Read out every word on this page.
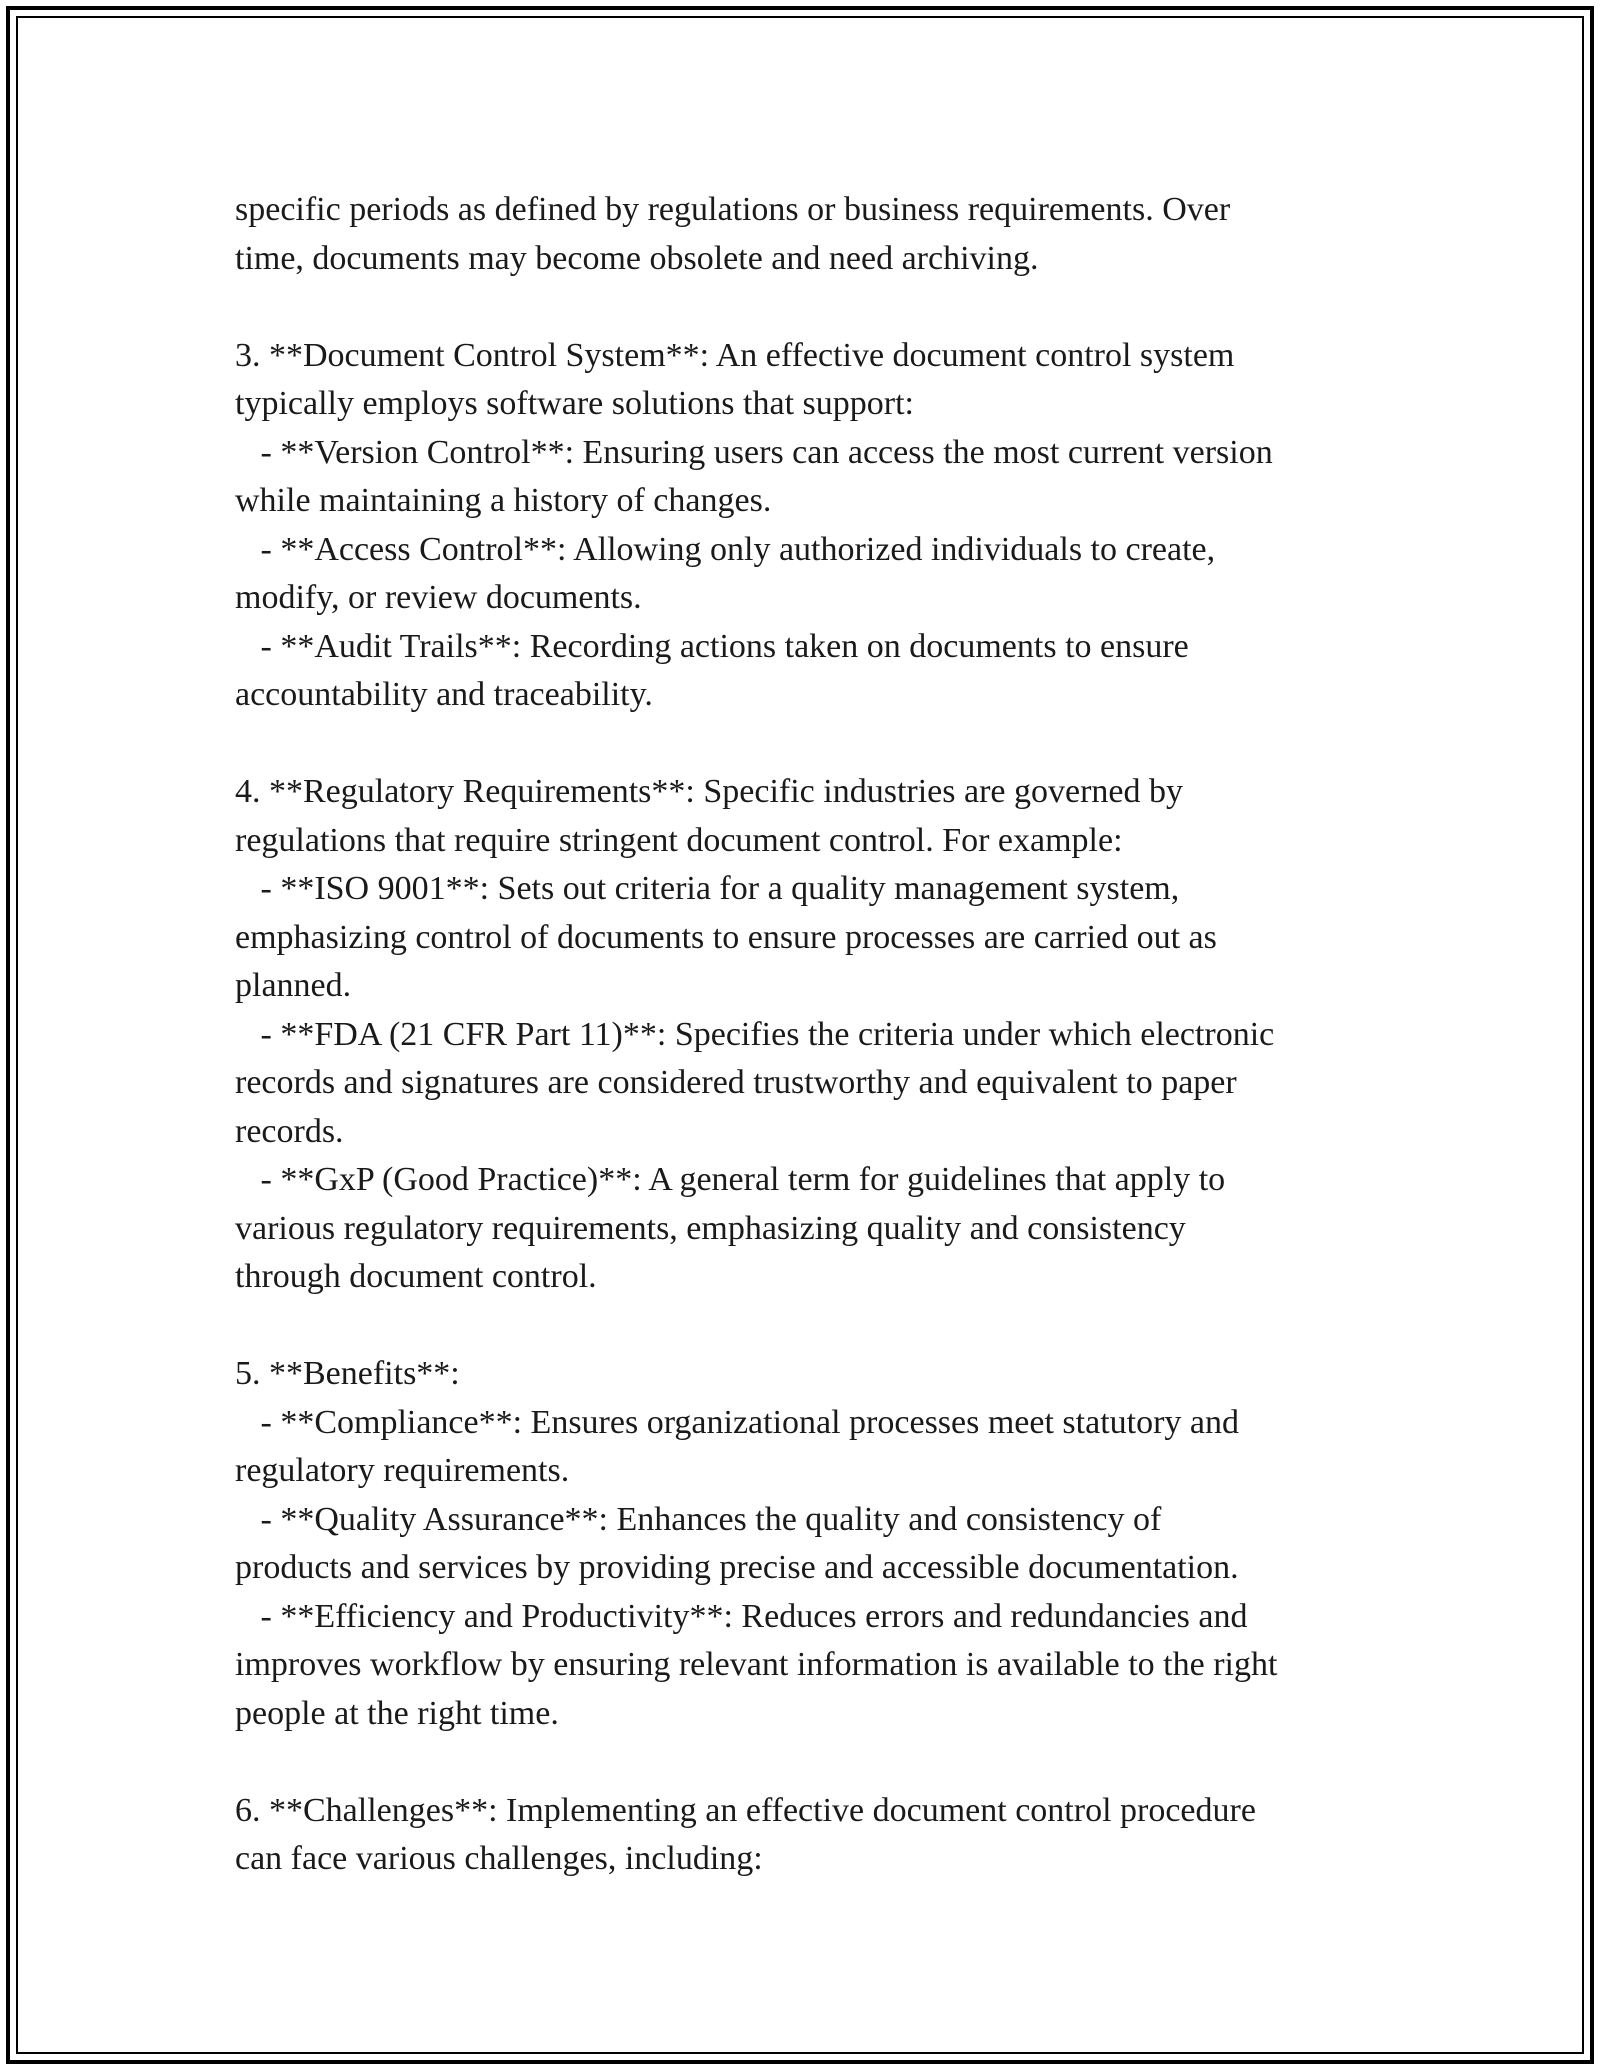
specific periods as defined by regulations or business requirements. Over
time, documents may become obsolete and need archiving.
3. **Document Control System**: An effective document control system
typically employs software solutions that support:
- **Version Control**: Ensuring users can access the most current version
while maintaining a history of changes.
- **Access Control**: Allowing only authorized individuals to create,
modify, or review documents.
- **Audit Trails**: Recording actions taken on documents to ensure
accountability and traceability.
4. **Regulatory Requirements**: Specific industries are governed by
regulations that require stringent document control. For example:
- **ISO 9001**: Sets out criteria for a quality management system,
emphasizing control of documents to ensure processes are carried out as
planned.
- **FDA (21 CFR Part 11)**: Specifies the criteria under which electronic
records and signatures are considered trustworthy and equivalent to paper
records.
- **GxP (Good Practice)**: A general term for guidelines that apply to
various regulatory requirements, emphasizing quality and consistency
through document control.
5. **Benefits**:
- **Compliance**: Ensures organizational processes meet statutory and
regulatory requirements.
- **Quality Assurance**: Enhances the quality and consistency of
products and services by providing precise and accessible documentation.
- **Efficiency and Productivity**: Reduces errors and redundancies and
improves workflow by ensuring relevant information is available to the right
people at the right time.
6. **Challenges**: Implementing an effective document control procedure
can face various challenges, including:
